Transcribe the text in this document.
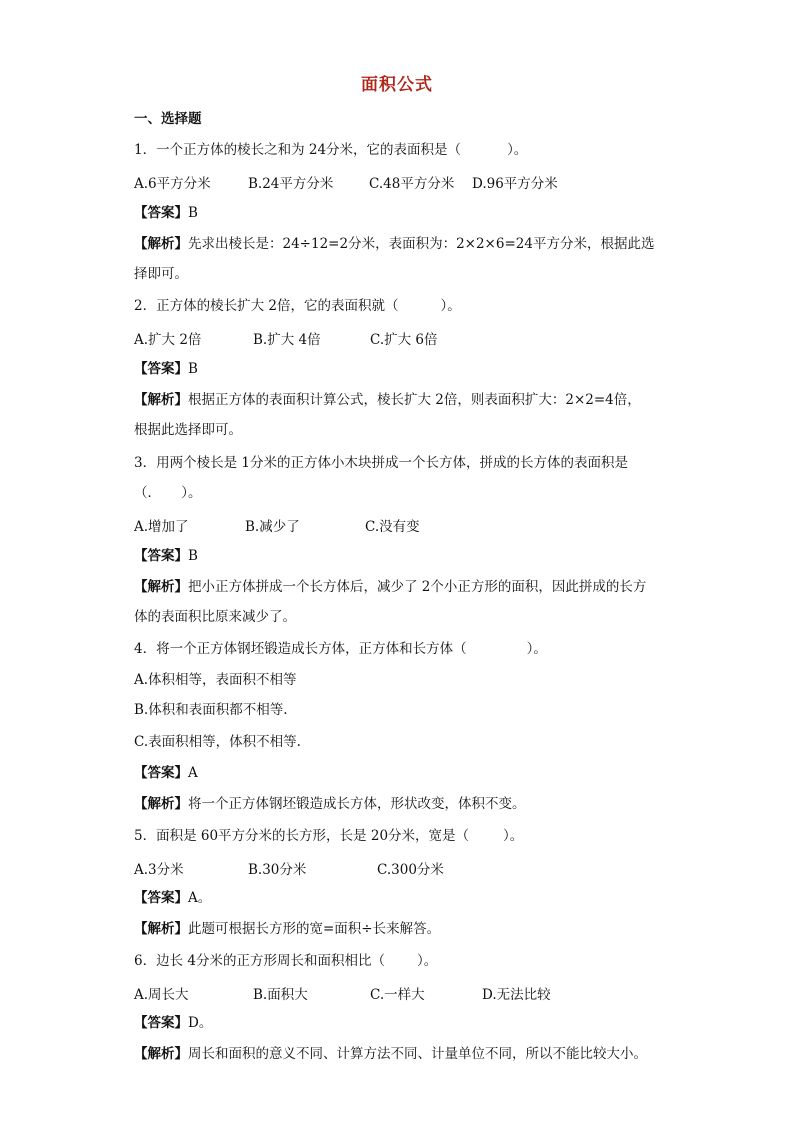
面积公式
一、选择题
1．一个正方体的棱长之和为 24分米，它的表面积是（	）。
A.6平方分米	B.24平方分米	C.48平方分米 D.96平方分米
【答案】B
【解析】先求出棱长是：24÷12=2分米，表面积为：2×2×6=24平方分米，根据此选
择即可。
2．正方体的棱长扩大 2倍，它的表面积就（	）。
A.扩大 2倍	B.扩大 4倍	C.扩大 6倍
【答案】B
【解析】根据正方体的表面积计算公式，棱长扩大 2倍，则表面积扩大：2×2=4倍，
根据此选择即可。
3．用两个棱长是 1分米的正方体小木块拼成一个长方体，拼成的长方体的表面积是
（．　　）。
A.增加了	B.减少了	C.没有变
【答案】B
【解析】把小正方体拼成一个长方体后，减少了 2个小正方形的面积，因此拼成的长方
体的表面积比原来减少了。
4．将一个正方体钢坯锻造成长方体，正方体和长方体（	）。
A.体积相等，表面积不相等
B.体积和表面积都不相等.
C.表面积相等，体积不相等.
【答案】A
【解析】将一个正方体钢坯锻造成长方体，形状改变，体积不变。
5．面积是 60平方分米的长方形，长是 20分米，宽是（	）。
A.3分米	B.30分米	C.300分米
【答案】A。
【解析】此题可根据长方形的宽=面积÷长来解答。
6．边长 4分米的正方形周长和面积相比（ ）。
A.周长大	B.面积大	C.一样大	D.无法比较
【答案】D。
【解析】周长和面积的意义不同、计算方法不同、计量单位不同，所以不能比较大小。
